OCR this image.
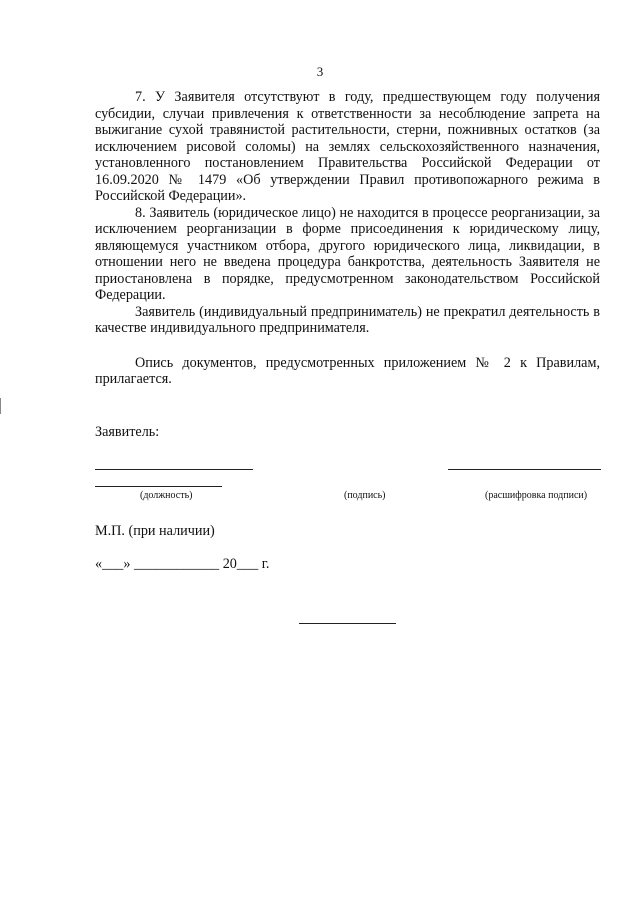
3

7. У Заявителя отсутствуют в году, предшествующем году получения субсидии, случаи привлечения к ответственности за несоблюдение запрета на выжигание сухой травянистой растительности, стерни, пожнивных остатков (за исключением рисовой соломы) на землях сельскохозяйственного назначения, установленного постановлением Правительства Российской Федерации от 16.09.2020 № 1479 «Об утверждении Правил противопожарного режима в Российской Федерации».

8. Заявитель (юридическое лицо) не находится в процессе реорганизации, за исключением реорганизации в форме присоединения к юридическому лицу, являющемуся участником отбора, другого юридического лица, ликвидации, в отношении него не введена процедура банкротства, деятельность Заявителя не приостановлена в порядке, предусмотренном законодательством Российской Федерации.

Заявитель (индивидуальный предприниматель) не прекратил деятельность в качестве индивидуального предпринимателя.

Опись документов, предусмотренных приложением № 2 к Правилам, прилагается.

Заявитель:
(должность)	(подпись)	(расшифровка подписи)
М.П. (при наличии)
«___» ____________ 20___ г.
